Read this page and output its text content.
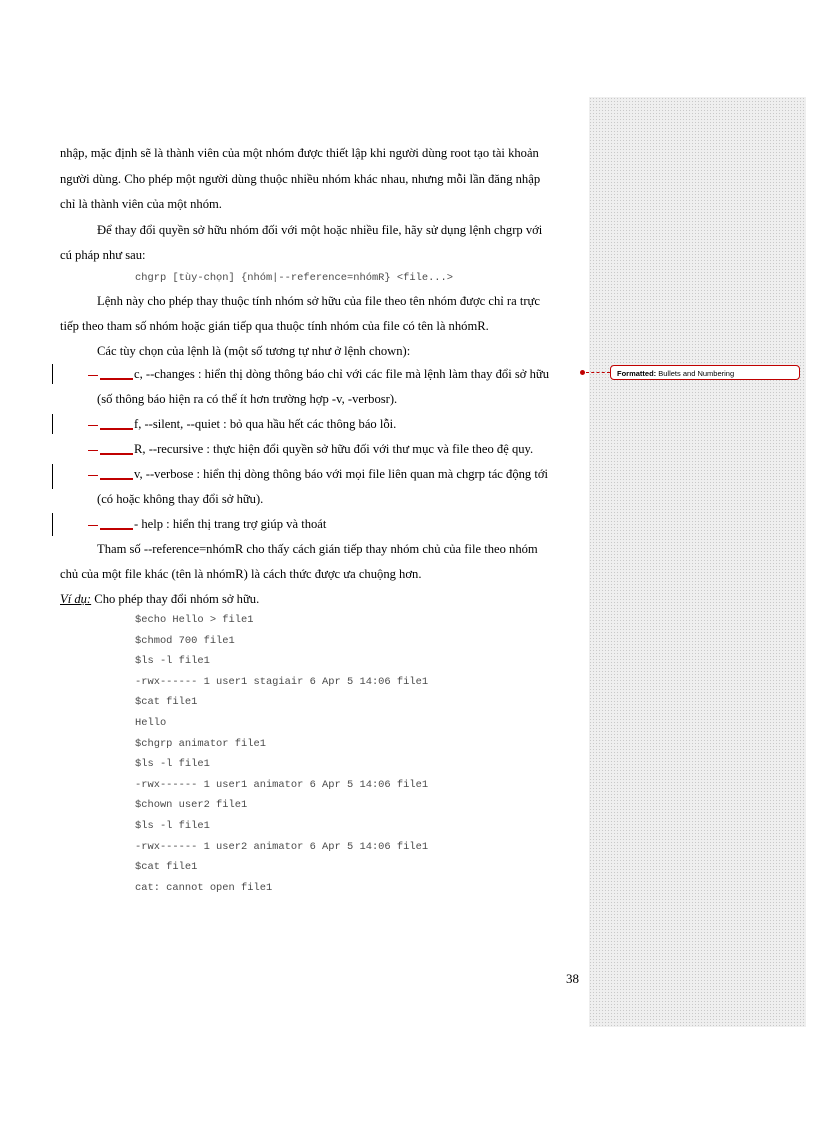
nhập, mặc định sẽ là thành viên của một nhóm được thiết lập khi người dùng root tạo tài khoản
người dùng. Cho phép một người dùng thuộc nhiều nhóm khác nhau, nhưng mỗi lần đăng nhập
chỉ là thành viên của một nhóm.
Để thay đổi quyền sở hữu nhóm đối với một hoặc nhiều file, hãy sử dụng lệnh chgrp với
cú pháp như sau:
chgrp [tùy-chọn] {nhóm|--reference=nhómR} <file...>
Lệnh này cho phép thay thuộc tính nhóm sở hữu của file theo tên nhóm được chỉ ra trực
tiếp theo tham số nhóm hoặc gián tiếp qua thuộc tính nhóm của file có tên là nhómR.
Các tùy chọn của lệnh là (một số tương tự như ở lệnh chown):
c, --changes : hiển thị dòng thông báo chỉ với các file mà lệnh làm thay đổi sở hữu	Formatted: Bullets and Numbering
(số thông báo hiện ra có thể ít hơn trường hợp -v, -verbosr).
f, --silent, --quiet : bỏ qua hầu hết các thông báo lỗi.
R, --recursive : thực hiện đổi quyền sở hữu đối với thư mục và file theo đệ quy.
v, --verbose : hiển thị dòng thông báo với mọi file liên quan mà chgrp tác động tới
(có hoặc không thay đổi sở hữu).
- help : hiển thị trang trợ giúp và thoát
Tham số --reference=nhómR cho thấy cách gián tiếp thay nhóm chủ của file theo nhóm
chủ của một file khác (tên là nhómR) là cách thức được ưa chuộng hơn.
Ví dụ: Cho phép thay đổi nhóm sở hữu.
$echo Hello > file1
$chmod 700 file1
$ls -l file1
-rwx------ 1 user1 stagiair 6 Apr 5 14:06 file1
$cat file1
Hello
$chgrp animator file1
$ls -l file1
-rwx------ 1 user1 animator 6 Apr 5 14:06 file1
$chown user2 file1
$ls -l file1
-rwx------ 1 user2 animator 6 Apr 5 14:06 file1
$cat file1
cat: cannot open file1
38
